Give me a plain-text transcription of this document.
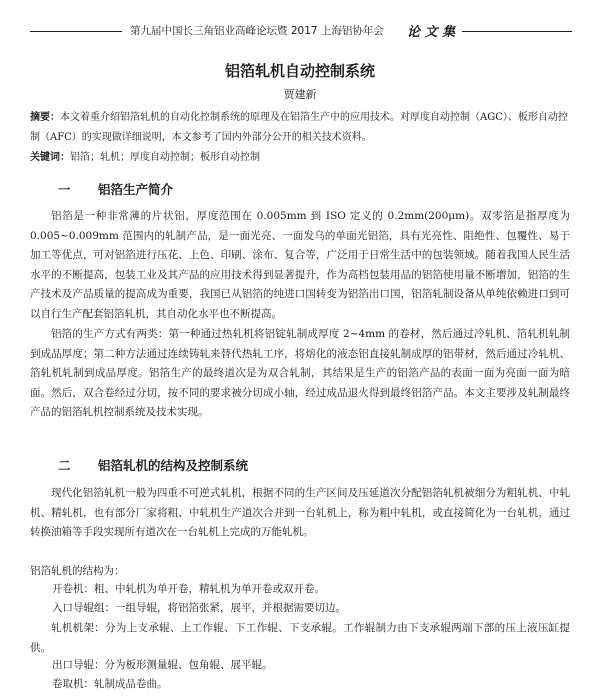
第九届中国长三角铝业高峰论坛暨 2017 上海铝协年会 论 文 集
铝箔轧机自动控制系统
贾建新
摘要：本文着重介绍铝箔轧机的自动化控制系统的原理及在铝箔生产中的应用技术。对厚度自动控制（AGC）、板形自动控制（AFC）的实现做详细说明，本文参考了国内外部分公开的相关技术资料。
关键词：铝箔；轧机；厚度自动控制；板形自动控制
一 铝箔生产简介
铝箔是一种非常薄的片状铝，厚度范围在 0.005mm 到 ISO 定义的 0.2mm(200μm)。双零箔是指厚度为 0.005~0.009mm 范围内的轧制产品，是一面光亮、一面发乌的单面光铝箔，具有光亮性、阻绝性、包覆性、易于加工等优点，可对铝箔进行压花、上色、印刷、涂布、复合等，广泛用于日常生活中的包装领域。随着我国人民生活水平的不断提高，包装工业及其产品的应用技术得到显著提升，作为高档包装用品的铝箔使用量不断增加，铝箔的生产技术及产品质量的提高成为重要，我国已从铝箔的纯进口国转变为铝箔出口国，铝箔轧制设备从单纯依赖进口到可以自行生产配套铝箔轧机，其自动化水平也不断提高。
铝箔的生产方式有两类：第一种通过热轧机将铝锭轧制成厚度 2~4mm 的卷材，然后通过冷轧机、箔轧机轧制到成品厚度；第二种方法通过连续铸轧来替代热轧工序，将熔化的液态铝直接轧制成厚的铝带材，然后通过冷轧机、箔轧机轧制到成品厚度。铝箔生产的最终道次是为双合轧制，其结果是生产的铝箔产品的表面一面为亮面一面为暗面。然后，双合卷经过分切，按不同的要求被分切成小轴，经过成品退火得到最终铝箔产品。本文主要涉及轧制最终产品的铝箔轧机控制系统及技术实现。
二 铝箔轧机的结构及控制系统
现代化铝箔轧机一般为四重不可逆式轧机，根据不同的生产区间及压延道次分配铝箔轧机被细分为粗轧机、中轧机、精轧机，也有部分厂家将粗、中轧机生产道次合并到一台轧机上，称为粗中轧机，或直接简化为一台轧机，通过转换油箱等手段实现所有道次在一台轧机上完成的万能轧机。
铝箔轧机的结构为：
开卷机：粗、中轧机为单开卷，精轧机为单开卷或双开卷。
入口导辊组：一组导辊，将铝箔张紧，展平，并根据需要切边。
轧机机架：分为上支承辊、上工作辊、下工作辊、下支承辊。工作辊制力由下支承辊两端下部的压上液压缸提供。
出口导辊：分为板形测量辊、包角辊、展平辊。
卷取机：轧制成品卷曲。
